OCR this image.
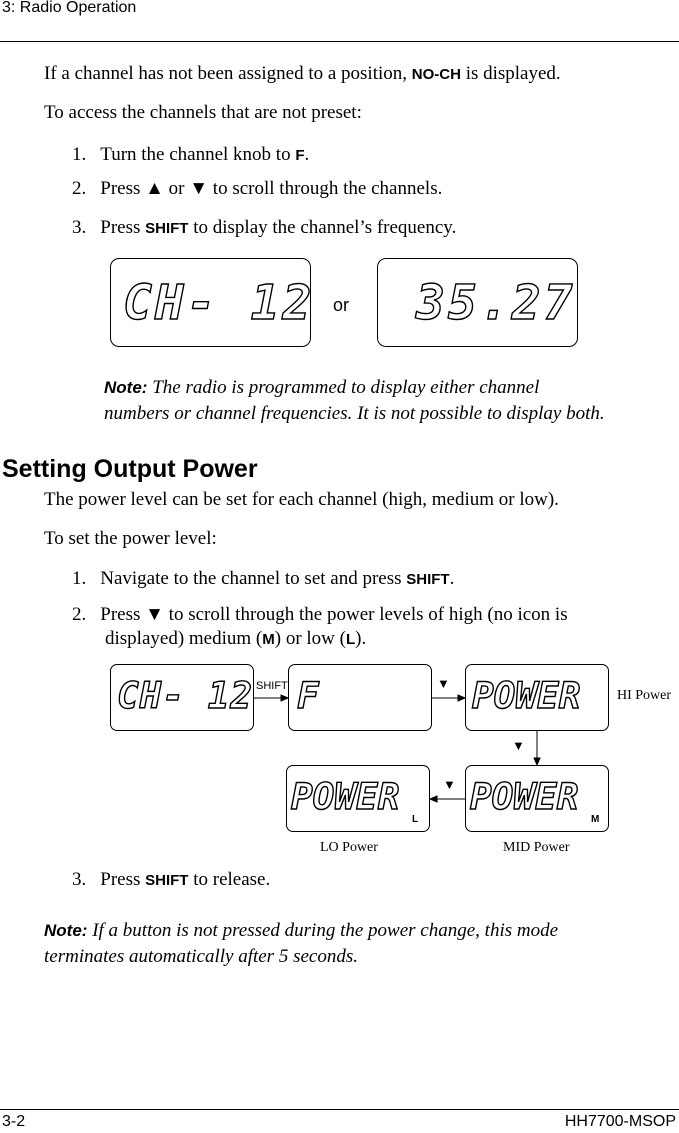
3: Radio Operation
If a channel has not been assigned to a position, NO-CH is displayed.
To access the channels that are not preset:
1. Turn the channel knob to F.
2. Press ▲ or ▼ to scroll through the channels.
3. Press SHIFT to display the channel’s frequency.
CH- 12 or 35.27
Note: The radio is programmed to display either channel
numbers or channel frequencies. It is not possible to display both.
Setting Output Power
The power level can be set for each channel (high, medium or low).
To set the power level:
1. Navigate to the channel to set and press SHIFT.
2. Press ▼ to scroll through the power levels of high (no icon is
displayed) medium (M) or low (L).
CH- 12 SHIFT F	▼ POWER	HI Power
▼
POWER
L
▼ POWER
M
LO Power	MID Power
3. Press SHIFT to release.
Note: If a button is not pressed during the power change, this mode
terminates automatically after 5 seconds.
3-2	HH7700-MSOP
